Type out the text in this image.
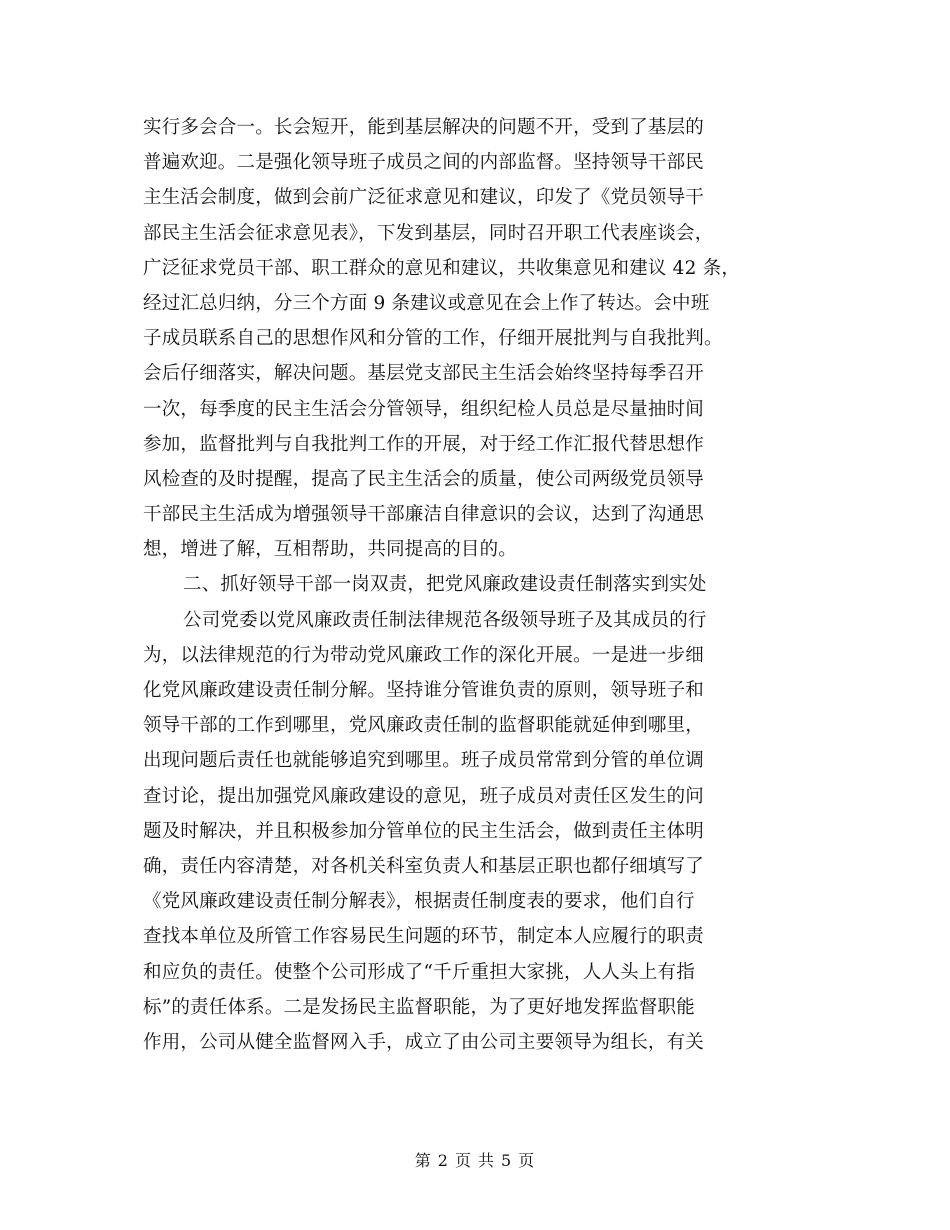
实行多会合一。长会短开，能到基层解决的问题不开，受到了基层的
普遍欢迎。二是强化领导班子成员之间的内部监督。坚持领导干部民
主生活会制度，做到会前广泛征求意见和建议，印发了《党员领导干
部民主生活会征求意见表》，下发到基层，同时召开职工代表座谈会，
广泛征求党员干部、职工群众的意见和建议，共收集意见和建议 42 条，
经过汇总归纳，分三个方面 9 条建议或意见在会上作了转达。会中班
子成员联系自己的思想作风和分管的工作，仔细开展批判与自我批判。
会后仔细落实，解决问题。基层党支部民主生活会始终坚持每季召开
一次，每季度的民主生活会分管领导，组织纪检人员总是尽量抽时间
参加，监督批判与自我批判工作的开展，对于经工作汇报代替思想作
风检查的及时提醒，提高了民主生活会的质量，使公司两级党员领导
干部民主生活成为增强领导干部廉洁自律意识的会议，达到了沟通思
想，增进了解，互相帮助，共同提高的目的。
二、抓好领导干部一岗双责，把党风廉政建设责任制落实到实处
公司党委以党风廉政责任制法律规范各级领导班子及其成员的行
为，以法律规范的行为带动党风廉政工作的深化开展。一是进一步细
化党风廉政建设责任制分解。坚持谁分管谁负责的原则，领导班子和
领导干部的工作到哪里，党风廉政责任制的监督职能就延伸到哪里，
出现问题后责任也就能够追究到哪里。班子成员常常到分管的单位调
查讨论，提出加强党风廉政建设的意见，班子成员对责任区发生的问
题及时解决，并且积极参加分管单位的民主生活会，做到责任主体明
确，责任内容清楚，对各机关科室负责人和基层正职也都仔细填写了
《党风廉政建设责任制分解表》，根据责任制度表的要求，他们自行
查找本单位及所管工作容易民生问题的环节，制定本人应履行的职责
和应负的责任。使整个公司形成了“千斤重担大家挑，人人头上有指
标”的责任体系。二是发扬民主监督职能，为了更好地发挥监督职能
作用，公司从健全监督网入手，成立了由公司主要领导为组长，有关
第 2 页 共 5 页
